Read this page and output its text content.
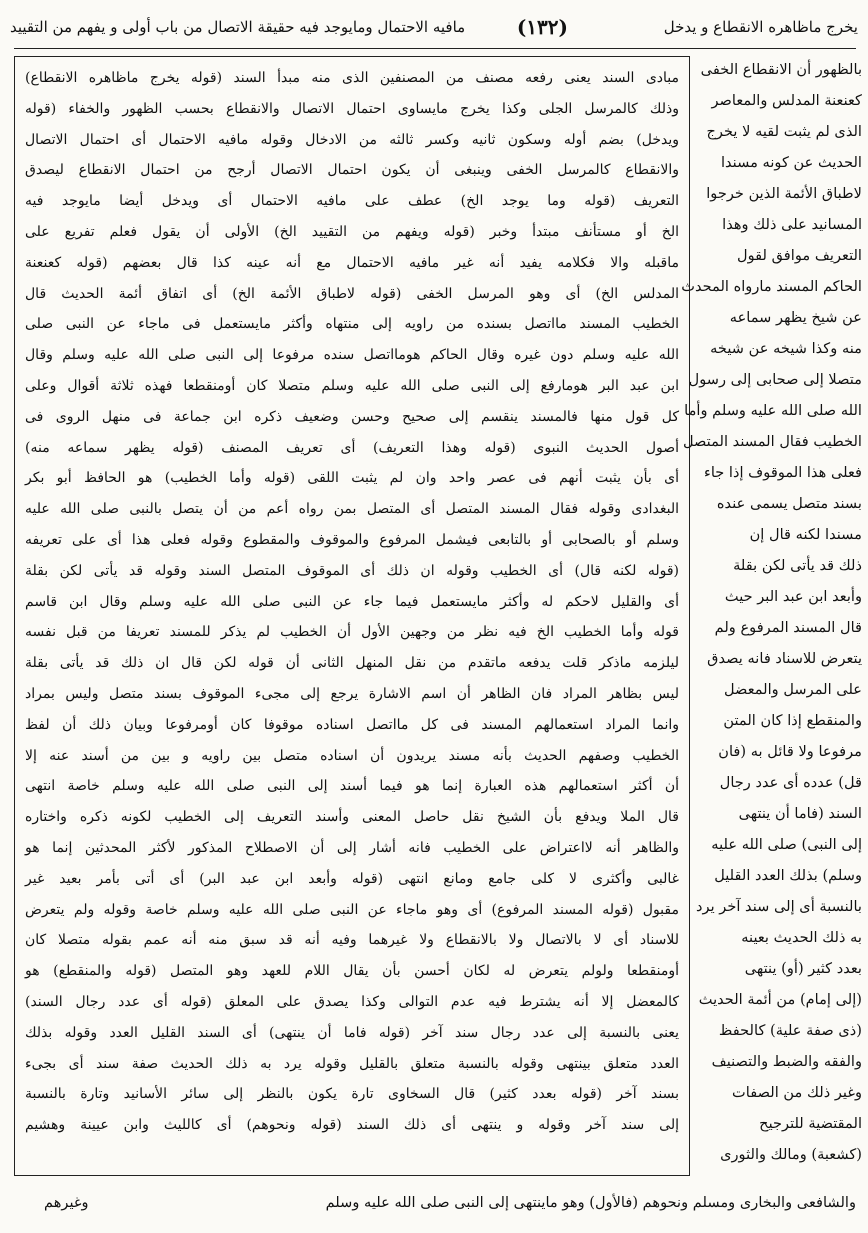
يخرج ماظاهره الانقطاع و يدخل
(١٣٢)
مافيه الاحتمال ومايوجد فيه حقيقة الاتصال من باب أولى و يفهم من التقييد
بالظهور أن الانقطاع الخفى
كعنعنة المدلس والمعاصر
الذى لم يثبت لقيه لا يخرج
الحديث عن كونه مسندا
لاطباق الأئمة الذين خرجوا
المسانيد على ذلك وهذا
التعريف موافق لقول
الحاكم المسند مارواه المحدث
عن شيخ يظهر سماعه
منه وكذا شيخه عن شيخه
متصلا إلى صحابى إلى رسول
الله صلى الله عليه وسلم وأما
الخطيب فقال المسند المتصل
فعلى هذا الموقوف إذا جاء
بسند متصل يسمى عنده
مسندا لكنه قال إن
ذلك قد يأتى لكن بقلة
وأبعد ابن عبد البر حيث
قال المسند المرفوع ولم
يتعرض للاسناد فانه يصدق
على المرسل والمعضل
والمنقطع إذا كان المتن
مرفوعا ولا قائل به (فان
قل) عدده أى عدد رجال
السند (فاما أن ينتهى
إلى النبى) صلى الله عليه
وسلم) بذلك العدد القليل
بالنسبة أى إلى سند آخر يرد
به ذلك الحديث بعينه
بعدد كثير (أو) ينتهى
(إلى إمام) من أئمة الحديث
(ذى صفة علية) كالحفظ
والفقه والضبط والتصنيف
وغير ذلك من الصفات
المقتضية للترجيح
(كشعبة) ومالك والثورى
مبادى السند يعنى رفعه مصنف من المصنفين الذى منه مبدأ السند (قوله يخرج ماظاهره الانقطاع)
وذلك كالمرسل الجلى وكذا يخرج مايساوى احتمال الاتصال والانقطاع بحسب الظهور والخفاء (قوله
ويدخل) بضم أوله وسكون ثانيه وكسر ثالثه من الادخال وقوله مافيه الاحتمال أى احتمال الاتصال
والانقطاع كالمرسل الخفى وينبغى أن يكون احتمال الاتصال أرجح من احتمال الانقطاع ليصدق
التعريف (قوله وما يوجد الخ) عطف على مافيه الاحتمال أى ويدخل أيضا مايوجد فيه
الخ أو مستأنف مبتدأ وخبر (قوله ويفهم من التقييد الخ) الأولى أن يقول فعلم تفريع على
ماقبله والا فكلامه يفيد أنه غير مافيه الاحتمال مع أنه عينه كذا قال بعضهم (قوله كعنعنة
المدلس الخ) أى وهو المرسل الخفى (قوله لاطباق الأئمة الخ) أى اتفاق أئمة الحديث قال
الخطيب المسند مااتصل بسنده من راويه إلى منتهاه وأكثر مايستعمل فى ماجاء عن النبى صلى
الله عليه وسلم دون غيره وقال الحاكم هومااتصل سنده مرفوعا إلى النبى صلى الله عليه وسلم وقال
ابن عبد البر هومارفع إلى النبى صلى الله عليه وسلم متصلا كان أومنقطعا فهذه ثلاثة أقوال وعلى
كل قول منها فالمسند ينقسم إلى صحيح وحسن وضعيف ذكره ابن جماعة فى منهل الروى فى
أصول الحديث النبوى (قوله وهذا التعريف) أى تعريف المصنف (قوله يظهر سماعه منه)
أى بأن يثبت أنهم فى عصر واحد وان لم يثبت اللقى (قوله وأما الخطيب) هو الحافظ أبو بكر
البغدادى وقوله فقال المسند المتصل أى المتصل بمن رواه أعم من أن يتصل بالنبى صلى الله عليه
وسلم أو بالصحابى أو بالتابعى فيشمل المرفوع والموقوف والمقطوع وقوله فعلى هذا أى على تعريفه
(قوله لكنه قال) أى الخطيب وقوله ان ذلك أى الموقوف المتصل السند وقوله قد يأتى لكن بقلة
أى والقليل لاحكم له وأكثر مايستعمل فيما جاء عن النبى صلى الله عليه وسلم وقال ابن قاسم
قوله وأما الخطيب الخ فيه نظر من وجهين الأول أن الخطيب لم يذكر للمسند تعريفا من قبل نفسه
ليلزمه ماذكر قلت يدفعه ماتقدم من نقل المنهل الثانى أن قوله لكن قال ان ذلك قد يأتى بقلة
ليس بظاهر المراد فان الظاهر أن اسم الاشارة يرجع إلى مجىء الموقوف بسند متصل وليس بمراد
وانما المراد استعمالهم المسند فى كل مااتصل اسناده موقوفا كان أومرفوعا وبيان ذلك أن لفظ
الخطيب وصفهم الحديث بأنه مسند يريدون أن اسناده متصل بين راويه و بين من أسند عنه إلا
أن أكثر استعمالهم هذه العبارة إنما هو فيما أسند إلى النبى صلى الله عليه وسلم خاصة انتهى
قال الملا ويدفع بأن الشيخ نقل حاصل المعنى وأسند التعريف إلى الخطيب لكونه ذكره واختاره
والظاهر أنه لااعتراض على الخطيب فانه أشار إلى أن الاصطلاح المذكور لأكثر المحدثين إنما هو
غالبى وأكثرى لا كلى جامع ومانع انتهى (قوله وأبعد ابن عبد البر) أى أتى بأمر بعيد غير
مقبول (قوله المسند المرفوع) أى وهو ماجاء عن النبى صلى الله عليه وسلم خاصة وقوله ولم يتعرض
للاسناد أى لا بالاتصال ولا بالانقطاع ولا غيرهما وفيه أنه قد سبق منه أنه عمم بقوله متصلا كان
أومنقطعا ولولم يتعرض له لكان أحسن بأن يقال اللام للعهد وهو المتصل (قوله والمنقطع) هو
كالمعضل إلا أنه يشترط فيه عدم التوالى وكذا يصدق على المعلق (قوله أى عدد رجال السند)
يعنى بالنسبة إلى عدد رجال سند آخر (قوله فاما أن ينتهى) أى السند القليل العدد وقوله بذلك
العدد متعلق بينتهى وقوله بالنسبة متعلق بالقليل وقوله يرد به ذلك الحديث صفة سند أى بجىء
بسند آخر (قوله بعدد كثير) قال السخاوى تارة يكون بالنظر إلى سائر الأسانيد وتارة بالنسبة
إلى سند آخر وقوله و ينتهى أى ذلك السند (قوله ونحوهم) أى كالليث وابن عيينة وهشيم
والشافعى والبخارى ومسلم ونحوهم (فالأول) وهو ماينتهى إلى النبى صلى الله عليه وسلم
وغيرهم
